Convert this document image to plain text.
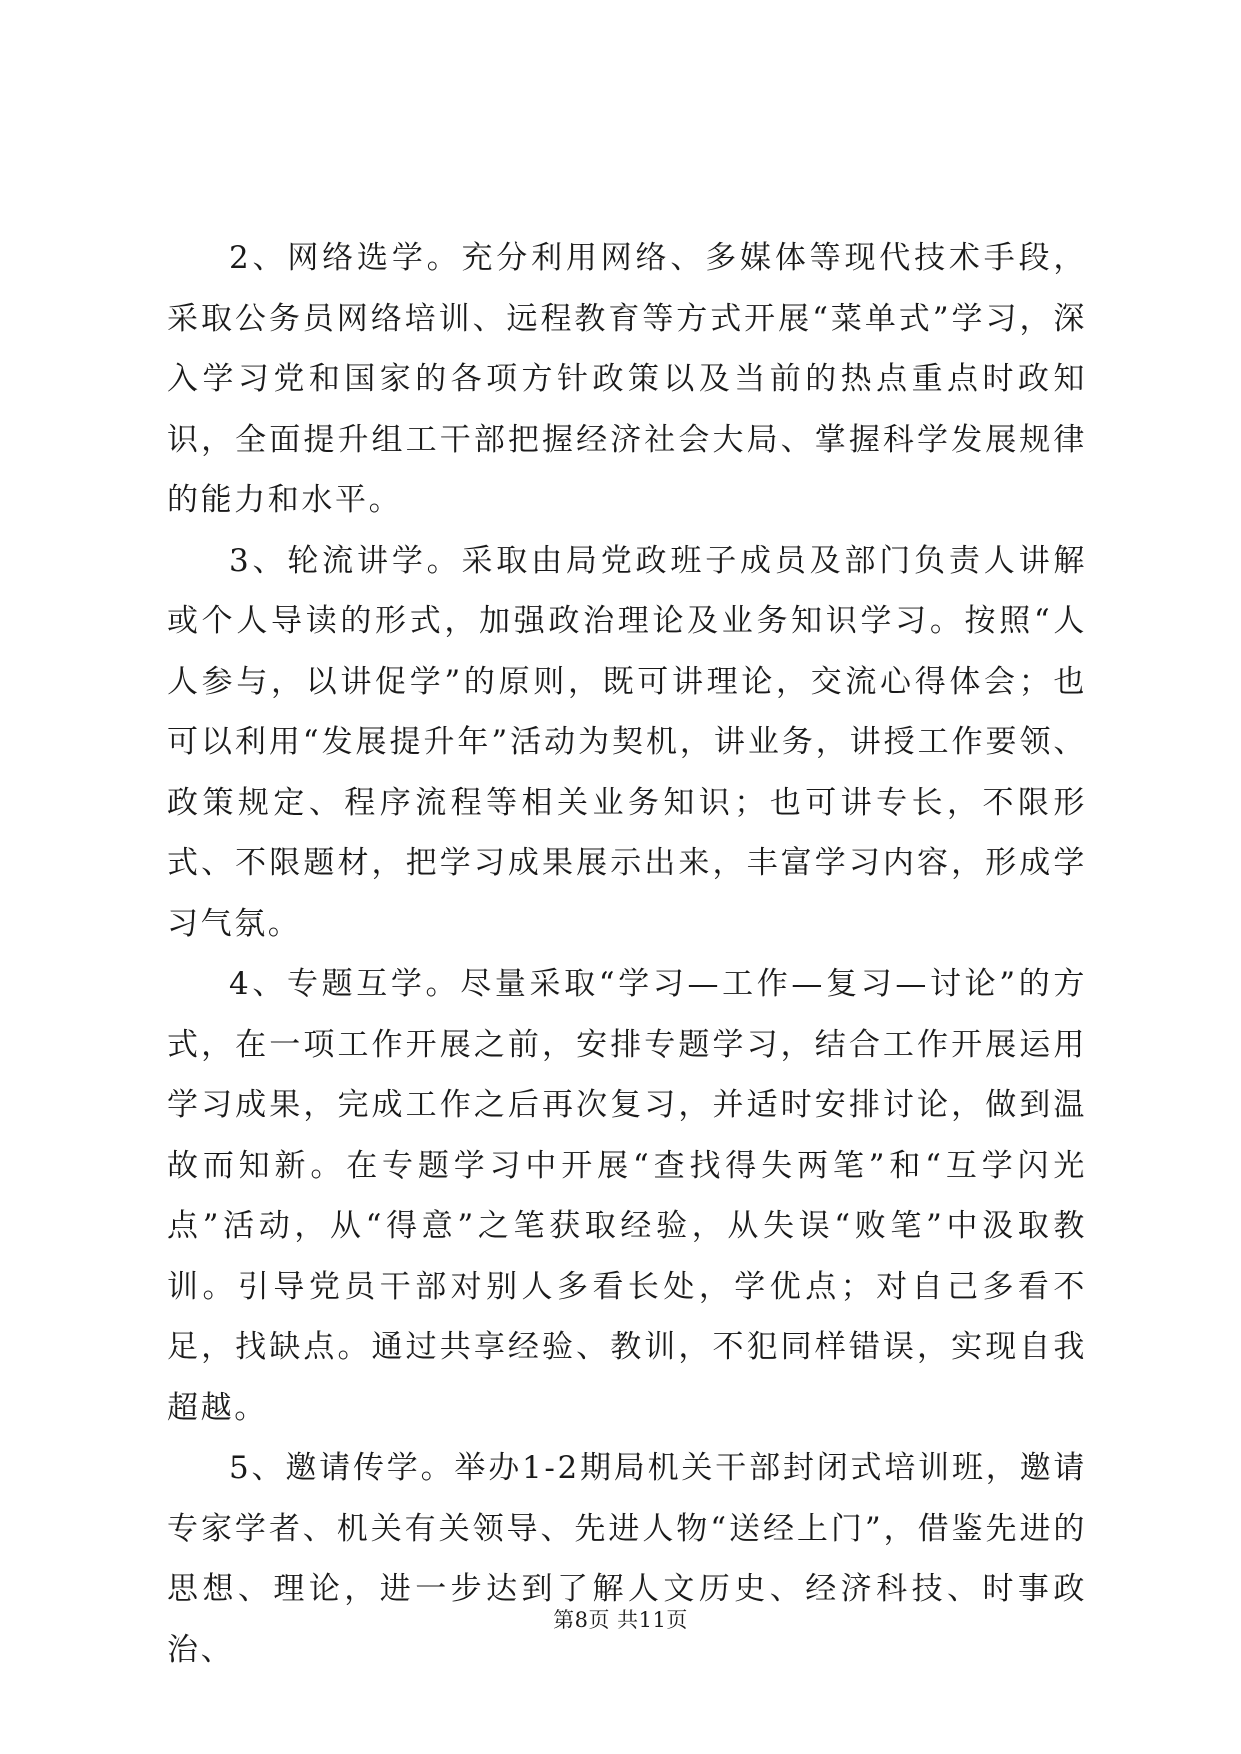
2、网络选学。充分利用网络、多媒体等现代技术手段，采取公务员网络培训、远程教育等方式开展“菜单式”学习，深入学习党和国家的各项方针政策以及当前的热点重点时政知识，全面提升组工干部把握经济社会大局、掌握科学发展规律的能力和水平。

3、轮流讲学。采取由局党政班子成员及部门负责人讲解或个人导读的形式，加强政治理论及业务知识学习。按照“人人参与，以讲促学”的原则，既可讲理论，交流心得体会；也可以利用“发展提升年”活动为契机，讲业务，讲授工作要领、政策规定、程序流程等相关业务知识；也可讲专长，不限形式、不限题材，把学习成果展示出来，丰富学习内容，形成学习气氛。

4、专题互学。尽量采取“学习—工作—复习—讨论”的方式，在一项工作开展之前，安排专题学习，结合工作开展运用学习成果，完成工作之后再次复习，并适时安排讨论，做到温故而知新。在专题学习中开展“查找得失两笔”和“互学闪光点”活动，从“得意”之笔获取经验，从失误“败笔”中汲取教训。引导党员干部对别人多看长处，学优点；对自己多看不足，找缺点。通过共享经验、教训，不犯同样错误，实现自我超越。

5、邀请传学。举办1-2期局机关干部封闭式培训班，邀请专家学者、机关有关领导、先进人物“送经上门”，借鉴先进的思想、理论，进一步达到了解人文历史、经济科技、时事政治、

第8页 共11页
